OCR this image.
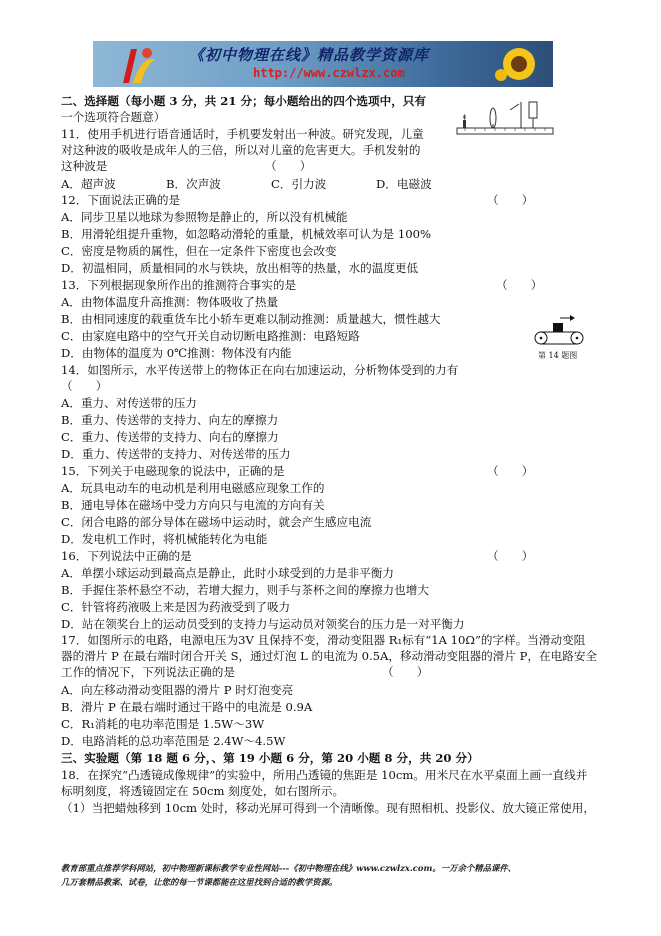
《初中物理在线》精品教学资源库
http://www.czwlzx.com
二、选择题（每小题 3 分，共 21 分；每小题给出的四个选项中，只有
一个选项符合题意）
11．使用手机进行语音通话时，手机要发射出一种波。研究发现，儿童
对这种波的吸收是成年人的三倍，所以对儿童的危害更大。手机发射的
这种波是	（　　）
A．超声波	B．次声波	C．引力波	D．电磁波
12．下面说法正确的是	（　　）
A．同步卫星以地球为参照物是静止的，所以没有机械能
B．用滑轮组提升重物，如忽略动滑轮的重量，机械效率可认为是 100%
C．密度是物质的属性，但在一定条件下密度也会改变
D．初温相同，质量相同的水与铁块，放出相等的热量，水的温度更低
13．下列根据现象所作出的推测符合事实的是	（　　）
A．由物体温度升高推测：物体吸收了热量
B．由相同速度的载重货车比小轿车更难以制动推测：质量越大，惯性越大
C．由家庭电路中的空气开关自动切断电路推测：电路短路
D．由物体的温度为 0℃推测：物体没有内能	第 14 题图
14．如图所示，水平传送带上的物体正在向右加速运动，分析物体受到的力有
（　　）
A．重力、对传送带的压力
B．重力、传送带的支持力、向左的摩擦力
C．重力、传送带的支持力、向右的摩擦力
D．重力、传送带的支持力、对传送带的压力
15．下列关于电磁现象的说法中，正确的是	（　　）
A．玩具电动车的电动机是利用电磁感应现象工作的
B．通电导体在磁场中受力方向只与电流的方向有关
C．闭合电路的部分导体在磁场中运动时，就会产生感应电流
D．发电机工作时，将机械能转化为电能
16．下列说法中正确的是	（　　）
A．单摆小球运动到最高点是静止，此时小球受到的力是非平衡力
B．手握住茶杯悬空不动，若增大握力，则手与茶杯之间的摩擦力也增大
C．针管将药液吸上来是因为药液受到了吸力
D．站在领奖台上的运动员受到的支持力与运动员对领奖台的压力是一对平衡力
17．如图所示的电路，电源电压为3V 且保持不变，滑动变阻器 R₁标有“1A 10Ω”的字样。当滑动变阻
器的滑片 P 在最右端时闭合开关 S，通过灯泡 L 的电流为 0.5A，移动滑动变阻器的滑片 P，在电路安全
工作的情况下，下列说法正确的是	（　　）
A．向左移动滑动变阻器的滑片 P 时灯泡变亮
B．滑片 P 在最右端时通过干路中的电流是 0.9A
C．R₁消耗的电功率范围是 1.5W～3W
D．电路消耗的总功率范围是 2.4W～4.5W
三、实验题（第 18 题 6 分，、第 19 小题 6 分，第 20 小题 8 分，共 20 分）
18．在探究“凸透镜成像规律”的实验中，所用凸透镜的焦距是 10cm。用米尺在水平桌面上画一直线并
标明刻度，将透镜固定在 50cm 刻度处，如右图所示。
（1）当把蜡烛移到 10cm 处时，移动光屏可得到一个清晰像。现有照相机、投影仪、放大镜正常使用，
教育部重点推荐学科网站，初中物理新课标教学专业性网站---《初中物理在线》www.czwlzx.com。一万余个精品课件、
几万套精品教案、试卷，让您的每一节课都能在这里找到合适的教学资源。
